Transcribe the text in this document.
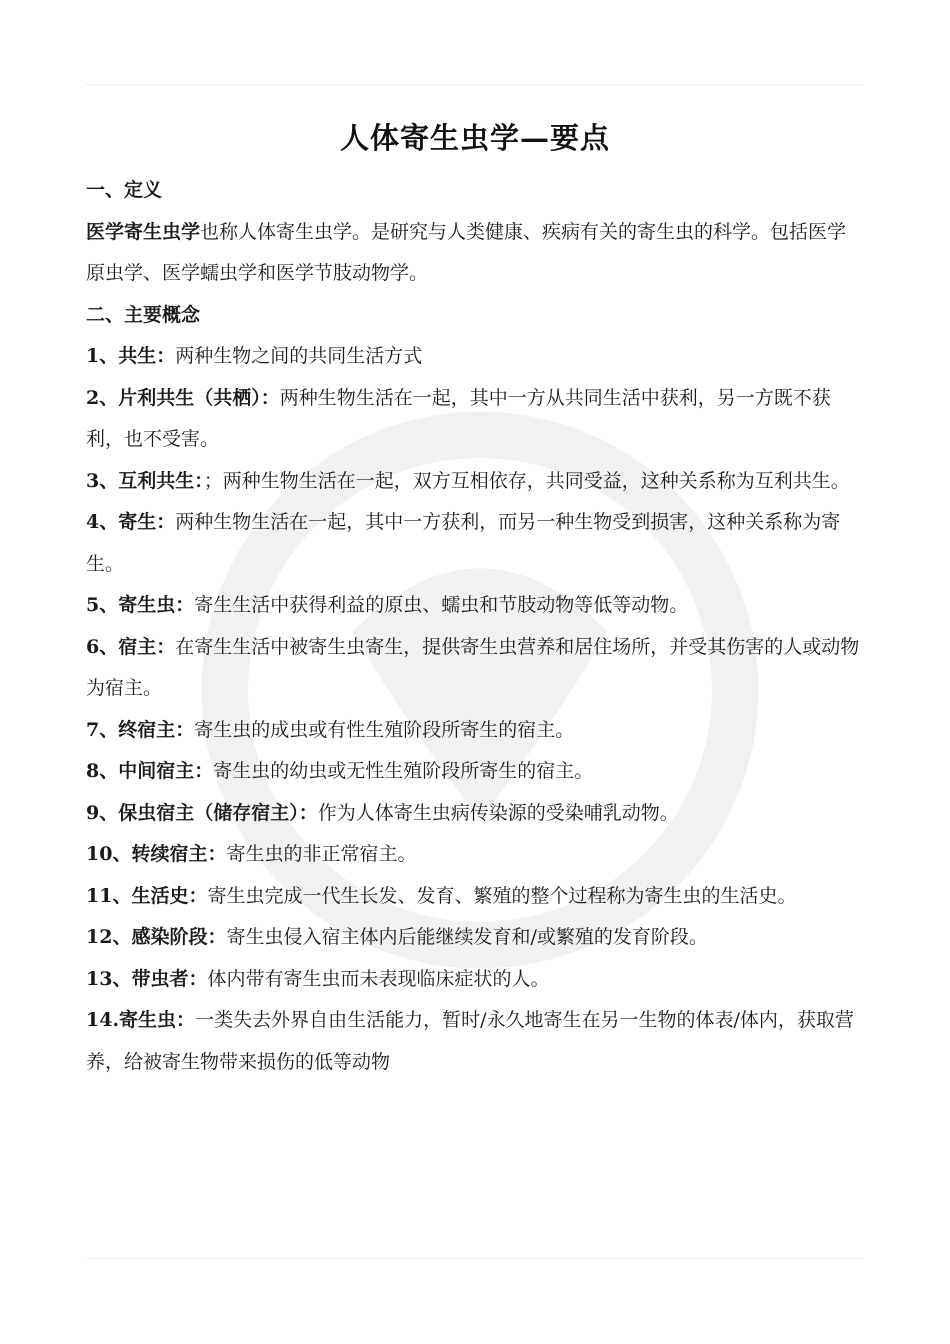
人体寄生虫学—要点

一、定义

医学寄生虫学也称人体寄生虫学。是研究与人类健康、疾病有关的寄生虫的科学。包括医学原虫学、医学蠕虫学和医学节肢动物学。

二、主要概念

1、共生：两种生物之间的共同生活方式

2、片利共生（共栖）：两种生物生活在一起，其中一方从共同生活中获利，另一方既不获利，也不受害。

3、互利共生：；两种生物生活在一起，双方互相依存，共同受益，这种关系称为互利共生。

4、寄生：两种生物生活在一起，其中一方获利，而另一种生物受到损害，这种关系称为寄生。

5、寄生虫：寄生生活中获得利益的原虫、蠕虫和节肢动物等低等动物。

6、宿主：在寄生生活中被寄生虫寄生，提供寄生虫营养和居住场所，并受其伤害的人或动物为宿主。

7、终宿主：寄生虫的成虫或有性生殖阶段所寄生的宿主。

8、中间宿主：寄生虫的幼虫或无性生殖阶段所寄生的宿主。

9、保虫宿主（储存宿主）：作为人体寄生虫病传染源的受染哺乳动物。

10、转续宿主：寄生虫的非正常宿主。

11、生活史：寄生虫完成一代生长发、发育、繁殖的整个过程称为寄生虫的生活史。

12、感染阶段：寄生虫侵入宿主体内后能继续发育和/或繁殖的发育阶段。

13、带虫者：体内带有寄生虫而未表现临床症状的人。

14.寄生虫：一类失去外界自由生活能力，暂时/永久地寄生在另一生物的体表/体内，获取营养，给被寄生物带来损伤的低等动物
